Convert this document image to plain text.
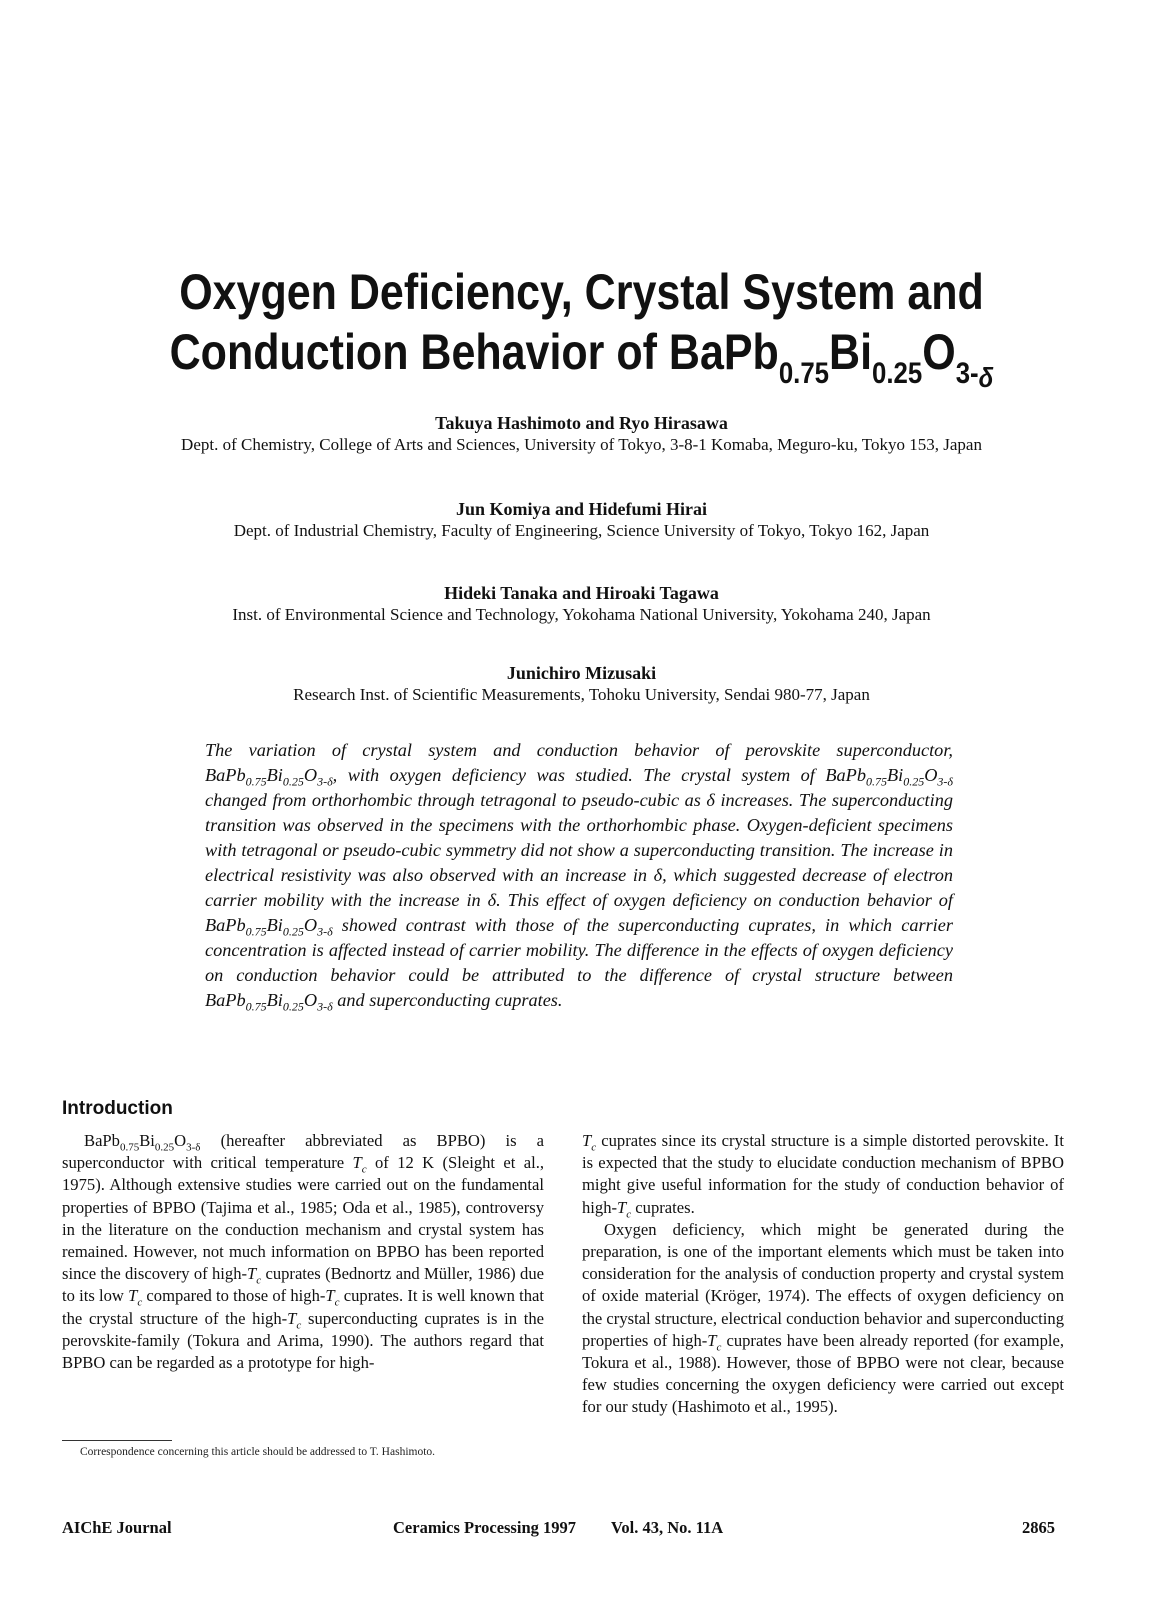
Oxygen Deficiency, Crystal System and
Conduction Behavior of $BaPb_{0.75}Bi_{0.25}O_{3-\delta}$
Takuya Hashimoto and Ryo Hirasawa
Dept. of Chemistry, College of Arts and Sciences, University of Tokyo, 3-8-1 Komaba, Meguro-ku, Tokyo 153, Japan
Jun Komiya and Hidefumi Hirai
Dept. of Industrial Chemistry, Faculty of Engineering, Science University of Tokyo, Tokyo 162, Japan
Hideki Tanaka and Hiroaki Tagawa
Inst. of Environmental Science and Technology, Yokohama National University, Yokohama 240, Japan
Junichiro Mizusaki
Research Inst. of Scientific Measurements, Tohoku University, Sendai 980-77, Japan
The variation of crystal system and conduction behavior of perovskite superconductor, $BaPb_{0.75}Bi_{0.25}O_{3-\delta}$, with oxygen deficiency was studied. The crystal system of $BaPb_{0.75}Bi_{0.25}O_{3-\delta}$ changed from orthorhombic through tetragonal to pseudo-cubic as δ increases. The superconducting transition was observed in the specimens with the orthorhombic phase. Oxygen-deficient specimens with tetragonal or pseudo-cubic symmetry did not show a superconducting transition. The increase in electrical resistivity was also observed with an increase in δ, which suggested decrease of electron carrier mobility with the increase in δ. This effect of oxygen deficiency on conduction behavior of $BaPb_{0.75}Bi_{0.25}O_{3-\delta}$ showed contrast with those of the superconducting cuprates, in which carrier concentration is affected instead of carrier mobility. The difference in the effects of oxygen deficiency on conduction behavior could be attributed to the difference of crystal structure between $BaPb_{0.75}Bi_{0.25}O_{3-\delta}$ and superconducting cuprates.
Introduction

$BaPb_{0.75}Bi_{0.25}O_{3-\delta}$ (hereafter abbreviated as BPBO) is a superconductor with critical temperature $T_c$ of 12 K (Sleight et al., 1975). Although extensive studies were carried out on the fundamental properties of BPBO (Tajima et al., 1985; Oda et al., 1985), controversy in the literature on the conduction mechanism and crystal system has remained. However, not much information on BPBO has been reported since the discovery of high-$T_c$ cuprates (Bednortz and Müller, 1986) due to its low $T_c$ compared to those of high-$T_c$ cuprates. It is well known that the crystal structure of the high-$T_c$ superconducting cuprates is in the perovskite-family (Tokura and Arima, 1990). The authors regard that BPBO can be regarded as a prototype for high-

$T_c$ cuprates since its crystal structure is a simple distorted perovskite. It is expected that the study to elucidate conduction mechanism of BPBO might give useful information for the study of conduction behavior of high-$T_c$ cuprates.

Oxygen deficiency, which might be generated during the preparation, is one of the important elements which must be taken into consideration for the analysis of conduction property and crystal system of oxide material (Kröger, 1974). The effects of oxygen deficiency on the crystal structure, electrical conduction behavior and superconducting properties of high-$T_c$ cuprates have been already reported (for example, Tokura et al., 1988). However, those of BPBO were not clear, because few studies concerning the oxygen deficiency were carried out except for our study (Hashimoto et al., 1995).

Correspondence concerning this article should be addressed to T. Hashimoto.
AIChE Journal	Ceramics Processing 1997 Vol. 43, No. 11A	2865
